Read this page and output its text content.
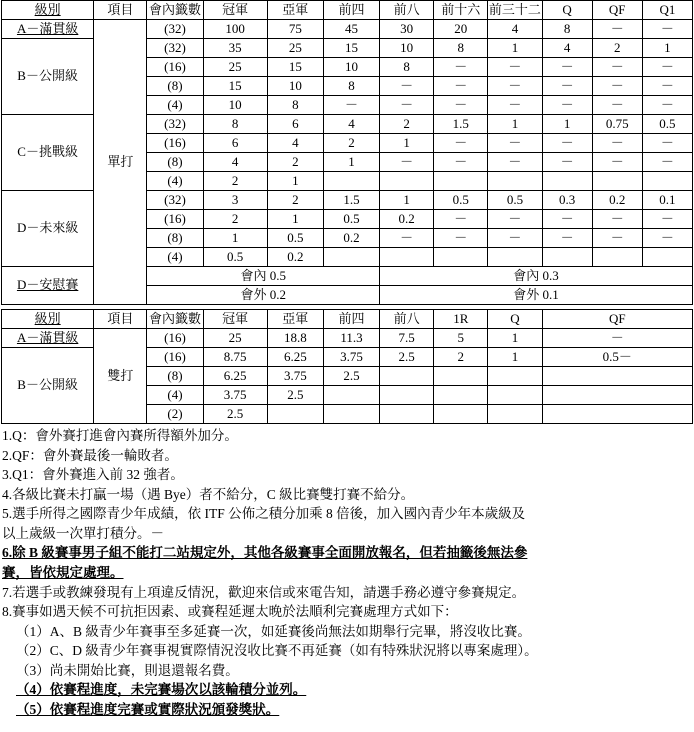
級別	項目	會內籤數	冠軍	亞軍	前四	前八	前十六	前三十二	Q	QF	Q1
A－滿貫級	單打	(32)	100	75	45	30	20	4	8	－	－
B－公開級		(32)	35	25	15	10	8	1	4	2	1
		(16)	25	15	10	8	－	－	－	－	－
		(8)	15	10	8	－	－	－	－	－	－
		(4)	10	8	－	－	－	－	－	－	－
C－挑戰級		(32)	8	6	4	2	1.5	1	1	0.75	0.5
		(16)	6	4	2	1	－	－	－	－	－
		(8)	4	2	1	－	－	－	－	－	－
		(4)	2	1							
D－未來級		(32)	3	2	1.5	1	0.5	0.5	0.3	0.2	0.1
		(16)	2	1	0.5	0.2	－	－	－	－	－
		(8)	1	0.5	0.2	－	－	－	－	－	－
		(4)	0.5	0.2							
D－安慰賽		會內 0.5				會內 0.3					
		會外 0.2				會外 0.1					
級別	項目	會內籤數	冠軍	亞軍	前四	前八	1R	Q	QF
A－滿貫級	雙打	(16)	25	18.8	11.3	7.5	5	1	－
B－公開級		(16)	8.75	6.25	3.75	2.5	2	1	0.5－
		(8)	6.25	3.75	2.5				
		(4)	3.75	2.5					
		(2)	2.5						

1.Q：會外賽打進會內賽所得額外加分。

2.QF：會外賽最後一輪敗者。

3.Q1：會外賽進入前 32 強者。

4.各級比賽未打贏一場（遇 Bye）者不給分，C 級比賽雙打賽不給分。

5.選手所得之國際青少年成績，依 ITF 公佈之積分加乘 8 倍後，加入國內青少年本歲級及

以上歲級一次單打積分。－

6.除 B 級賽事男子組不能打二站規定外，其他各級賽事全面開放報名，但若抽籤後無法參

賽，皆依規定處理。

7.若選手或教練發現有上項違反情況，歡迎來信或來電告知，請選手務必遵守參賽規定。

8.賽事如遇天候不可抗拒因素、或賽程延遲太晚於法順利完賽處理方式如下：

（1）A、B 級青少年賽事至多延賽一次，如延賽後尚無法如期舉行完畢，將沒收比賽。

（2）C、D 級青少年賽事視實際情況沒收比賽不再延賽（如有特殊狀況將以專案處理）。

（3）尚未開始比賽，則退還報名費。

（4）依賽程進度，未完賽場次以該輪積分並列。

（5）依賽程進度完賽或實際狀況頒發獎狀。
